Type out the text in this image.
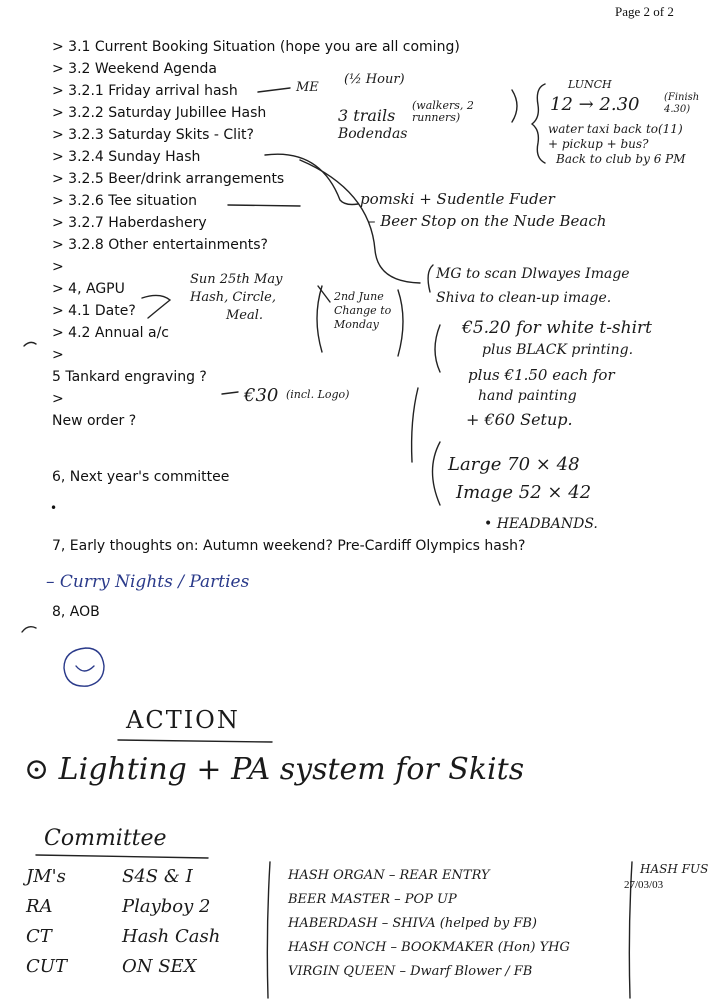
Page 2 of 2
> 3.1 Current Booking Situation (hope you are all coming)
> 3.2 Weekend Agenda
> 3.2.1 Friday arrival hash
> 3.2.2 Saturday Jubillee Hash
> 3.2.3 Saturday Skits - Clit?
> 3.2.4 Sunday Hash
> 3.2.5 Beer/drink arrangements
> 3.2.6 Tee situation
> 3.2.7 Haberdashery
> 3.2.8 Other entertainments?
>
> 4, AGPU
> 4.1 Date?
> 4.2 Annual a/c
>
5 Tankard engraving ?
>
New order ?
6, Next year's committee
•
7, Early thoughts on: Autumn weekend? Pre-Cardiff Olympics hash?
8, AOB
ME
(½ Hour)
3 trails
(walkers, 2 runners)
Bodendas
LUNCH
12 → 2.30 (Finish 4.30)
water taxi back to(11)
+ pickup + bus?
Back to club by 6 PM
pomski + Sudentle Fuder
– Beer Stop on the Nude Beach
Sun 25th May
Hash, Circle,
Meal.
2nd June Change to Monday
MG to scan Dlwayes Image
Shiva to clean-up image.
€5.20 for white t-shirt
plus BLACK printing.
plus €1.50 each for
hand painting
+ €60 Setup.
Large 70 × 48
Image 52 × 42
• HEADBANDS.
€30 (incl. Logo)
– Curry Nights / Parties
ACTION
⊙ Lighting + PA system for Skits
Committee
JM's	S4S & I
RA	Playboy 2
CT	Hash Cash
CUT	ON SEX
HASH ORGAN – REAR ENTRY
BEER MASTER – POP UP
HABERDASH – SHIVA (helped by FB)
HASH CONCH – BOOKMAKER (Hon) YHG
VIRGIN QUEEN – Dwarf Blower / FB
HASH FUS
27/03/03
